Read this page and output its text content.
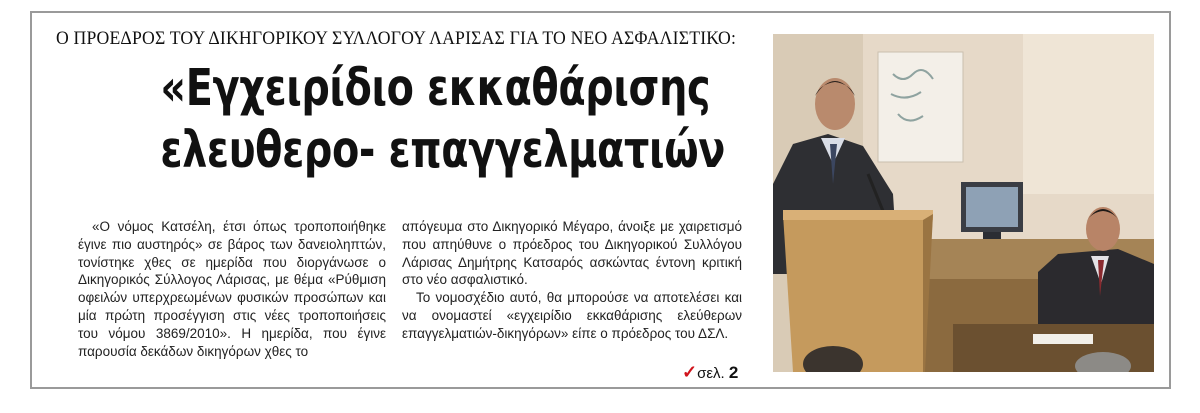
Ο ΠΡΟΕΔΡΟΣ ΤΟΥ ΔΙΚΗΓΟΡΙΚΟΥ ΣΥΛΛΟΓΟΥ ΛΑΡΙΣΑΣ ΓΙΑ ΤΟ ΝΕΟ ΑΣΦΑΛΙΣΤΙΚΟ:
«Εγχειρίδιο εκκαθάρισης
ελευθερο- επαγγελματιών

«Ο νόμος Κατσέλη, έτσι όπως τροποποιήθηκε έγινε πιο αυστηρός» σε βάρος των δανειοληπτών, τονίστηκε χθες σε ημερίδα που διοργάνωσε ο Δικηγορικός Σύλλογος Λάρισας, με θέμα «Ρύθμιση οφειλών υπερχρεωμένων φυσικών προσώπων και μία πρώτη προσέγγιση στις νέες τροποποιήσεις του νόμου 3869/2010». Η ημερίδα, που έγινε παρουσία δεκάδων δικηγόρων χθες το

απόγευμα στο Δικηγορικό Μέγαρο, άνοιξε με χαιρετισμό που απηύθυνε ο πρόεδρος του Δικηγορικού Συλλόγου Λάρισας Δημήτρης Κατσαρός ασκώντας έντονη κριτική στο νέο ασφαλιστικό.

Το νομοσχέδιο αυτό, θα μπορούσε να αποτελέσει και να ονομαστεί «εγχειρίδιο εκκαθάρισης ελεύθερων επαγγελματιών-δικηγόρων» είπε ο πρόεδρος του ΔΣΛ.

✓σελ. 2
